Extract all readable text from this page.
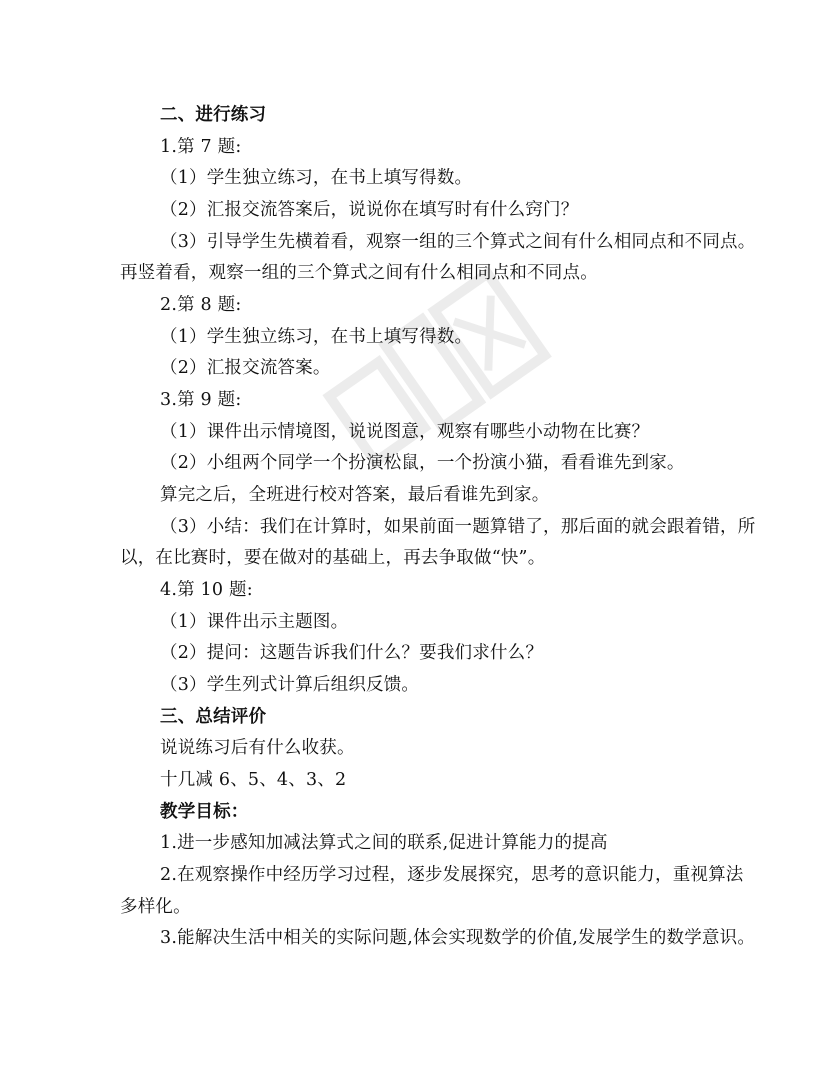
二、进行练习
1.第 7 题:
（1）学生独立练习，在书上填写得数。
（2）汇报交流答案后，说说你在填写时有什么窍门？
（3）引导学生先横着看，观察一组的三个算式之间有什么相同点和不同点。
再竖着看，观察一组的三个算式之间有什么相同点和不同点。
2.第 8 题:
（1）学生独立练习，在书上填写得数。
（2）汇报交流答案。
3.第 9 题:
（1）课件出示情境图，说说图意，观察有哪些小动物在比赛？
（2）小组两个同学一个扮演松鼠，一个扮演小猫，看看谁先到家。
算完之后，全班进行校对答案，最后看谁先到家。
（3）小结：我们在计算时，如果前面一题算错了，那后面的就会跟着错，所
以，在比赛时，要在做对的基础上，再去争取做“快”。
4.第 10 题:
（1）课件出示主题图。
（2）提问：这题告诉我们什么？要我们求什么？
（3）学生列式计算后组织反馈。
三、总结评价
说说练习后有什么收获。
十几减 6、5、4、3、2
教学目标：
1.进一步感知加减法算式之间的联系,促进计算能力的提高
2.在观察操作中经历学习过程，逐步发展探究，思考的意识能力，重视算法
多样化。
3.能解决生活中相关的实际问题,体会实现数学的价值,发展学生的数学意识。
